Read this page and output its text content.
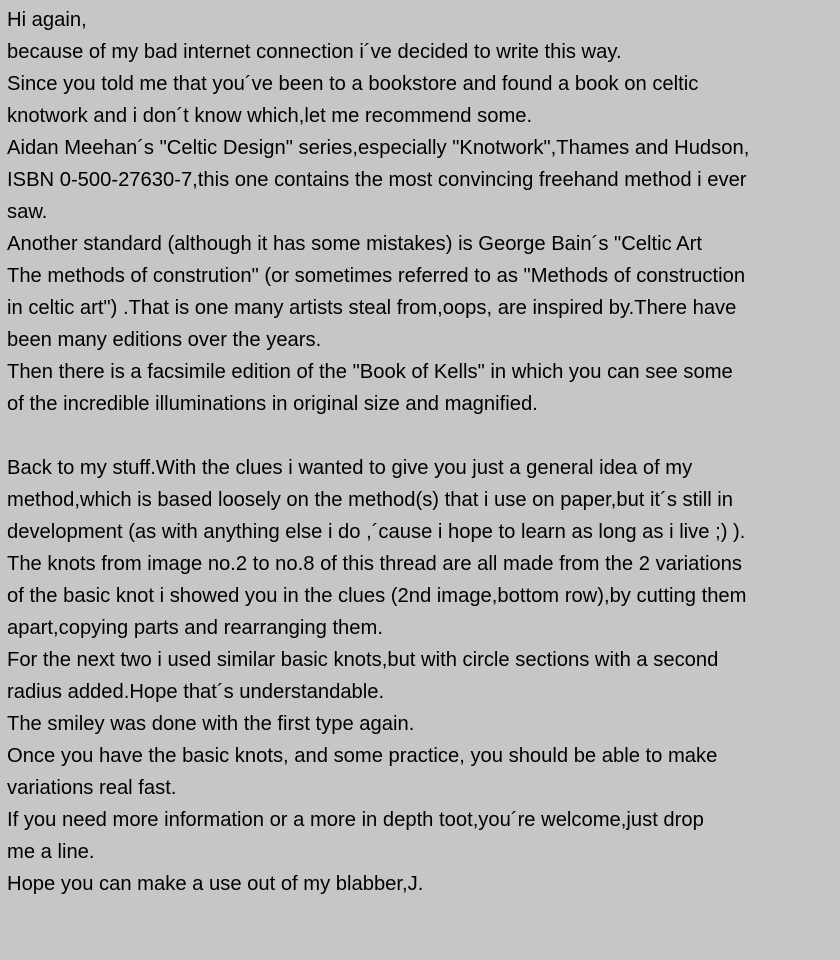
Hi again,
because of my bad internet connection i´ve decided to write this way.
Since you told me that you´ve been to a bookstore and found a book on celtic
knotwork and i don´t know which,let me recommend some.
Aidan Meehan´s "Celtic Design" series,especially "Knotwork",Thames and Hudson,
ISBN 0-500-27630-7,this one contains the most convincing freehand method i ever
saw.
Another standard (although it has some mistakes) is George Bain´s "Celtic Art
The methods of constrution" (or sometimes referred to as "Methods of construction
in celtic art") .That is one many artists steal from,oops, are inspired by.There have
been many editions over the years.
Then there is a facsimile edition of the "Book of Kells" in which you can see some
of the incredible illuminations in original size and magnified.
Back to my stuff.With the clues i wanted to give you just a general idea of my
method,which is based loosely on the method(s) that i use on paper,but it´s still in
development (as with anything else i do ,´cause i hope to learn as long as i live ;) ).
The knots from image no.2 to no.8 of this thread are all made from the 2 variations
of the basic knot i showed you in the clues (2nd image,bottom row),by cutting them
apart,copying parts and rearranging them.
For the next two i used similar basic knots,but with circle sections with a second
radius added.Hope that´s understandable.
The smiley was done with the first type again.
Once you have the basic knots, and some practice, you should be able to make
variations real fast.
If you need more information or a more in depth toot,you´re welcome,just drop
me a line.
Hope you can make a use out of my blabber,J.
